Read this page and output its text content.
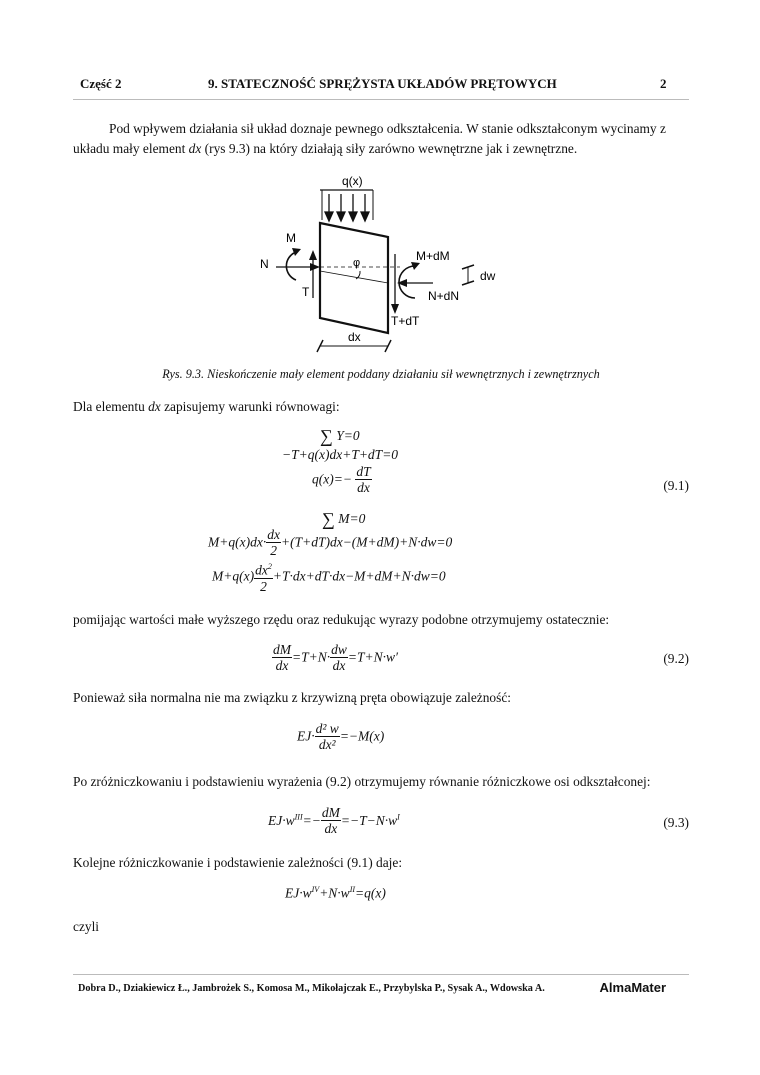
Część 2	9. STATECZNOŚĆ SPRĘŻYSTA UKŁADÓW PRĘTOWYCH	2
Pod wpływem działania sił układ doznaje pewnego odkształcenia. W stanie odkształconym wycinamy z
układu mały element dx (rys 9.3) na który działają siły zarówno wewnętrzne jak i zewnętrzne.
q(x)
T
N
M
φ
T+dT
N+dN
M+dM
dw
dx
Rys. 9.3. Nieskończenie mały element poddany działaniu sił wewnętrznych i zewnętrznych
Dla elementu dx zapisujemy warunki równowagi:
∑ Y=0
−T+q(x)dx+T+dT=0
$q(x)=- \frac{dT}{dx}$	(9.1)
∑ M=0
$M+q(x)dx\cdot \frac{dx}{2} +(T+dT)dx-(M+dM)+N\cdot dw=0$
$M+q(x) \frac{dx^2}{2} +T\cdot dx+dT\cdot dx-M+dM+N\cdot dw=0$
pomijając wartości małe wyższego rzędu oraz redukując wyrazy podobne otrzymujemy ostatecznie:
$\frac{dM}{dx} =T+N\cdot \frac{dw}{dx} =T+N\cdot w'$	(9.2)
Ponieważ siła normalna nie ma związku z krzywizną pręta obowiązuje zależność:
$EJ\cdot \frac{\text{d² w}}{\text{dx²}} =-M(x)$
Po zróżniczkowaniu i podstawieniu wyrażenia (9.2) otrzymujemy równanie różniczkowe osi odkształconej:
$EJ\cdot w^{III}=- \frac{dM}{dx} =-T-N\cdot w^I$	(9.3)
Kolejne różniczkowanie i podstawienie zależności (9.1) daje:
$EJ\cdot w^{IV}+N\cdot w^{II}=q(x)$
czyli
Dobra D., Dziakiewicz Ł., Jambrożek S., Komosa M., Mikołajczak E., Przybylska P., Sysak A., Wdowska A.	AlmaMater
